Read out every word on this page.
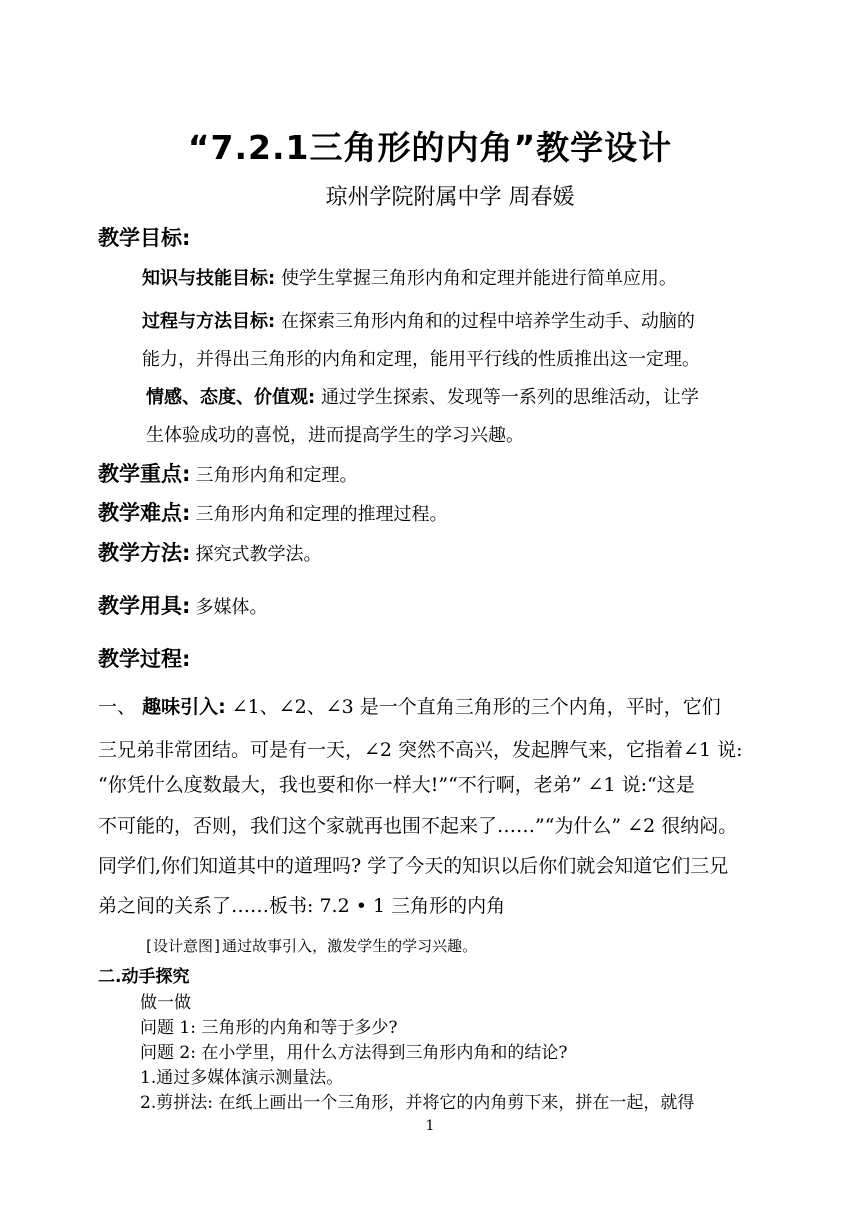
“7.2.1三角形的内角”教学设计
琼州学院附属中学 周春媛
教学目标:
知识与技能目标: 使学生掌握三角形内角和定理并能进行简单应用。
过程与方法目标: 在探索三角形内角和的过程中培养学生动手、动脑的
能力，并得出三角形的内角和定理，能用平行线的性质推出这一定理。
情感、态度、价值观: 通过学生探索、发现等一系列的思维活动，让学
生体验成功的喜悦，进而提高学生的学习兴趣。
教学重点: 三角形内角和定理。
教学难点: 三角形内角和定理的推理过程。
教学方法: 探究式教学法。
教学用具: 多媒体。
教学过程:
一、 趣味引入: ∠1、∠2、∠3 是一个直角三角形的三个内角，平时，它们
三兄弟非常团结。可是有一天，∠2 突然不高兴，发起脾气来，它指着∠1 说:
“你凭什么度数最大，我也要和你一样大!”“不行啊，老弟” ∠1 说:“这是
不可能的，否则，我们这个家就再也围不起来了……”“为什么” ∠2 很纳闷。
同学们,你们知道其中的道理吗? 学了今天的知识以后你们就会知道它们三兄
弟之间的关系了……板书: 7.2 • 1 三角形的内角
[设计意图]通过故事引入，激发学生的学习兴趣。
二.动手探究
做一做
问题 1: 三角形的内角和等于多少?
问题 2: 在小学里，用什么方法得到三角形内角和的结论?
1.通过多媒体演示测量法。
2.剪拼法: 在纸上画出一个三角形，并将它的内角剪下来，拼在一起，就得
1
